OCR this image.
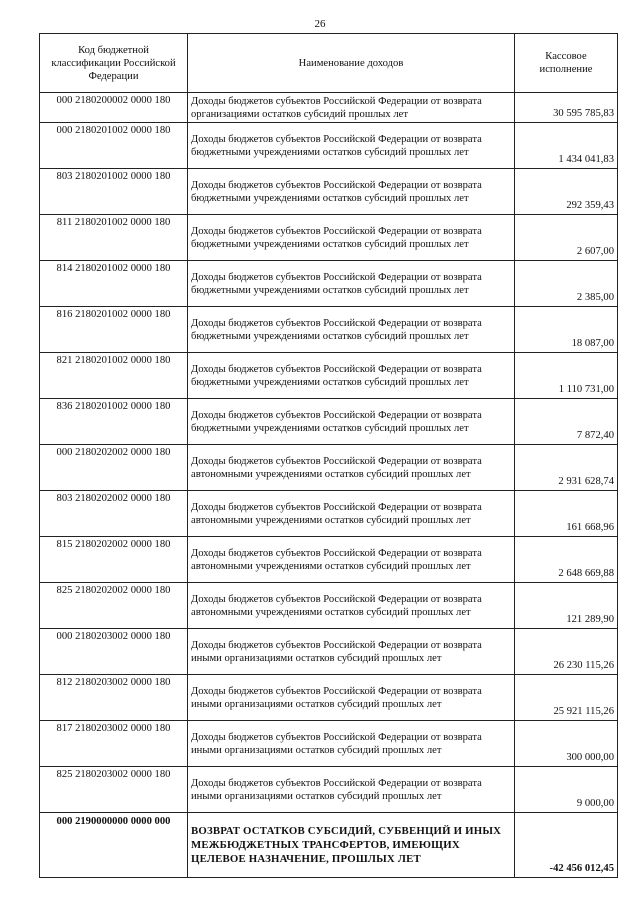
26
Код бюджетной классификации Российской Федерации	Наименование доходов	Кассовое исполнение

000 2180200002 0000 180	Доходы бюджетов субъектов Российской Федерации от возврата организациями остатков субсидий прошлых лет	30 595 785,83
000 2180201002 0000 180	Доходы бюджетов субъектов Российской Федерации от возврата бюджетными учреждениями остатков субсидий прошлых лет	1 434 041,83
803 2180201002 0000 180	Доходы бюджетов субъектов Российской Федерации от возврата бюджетными учреждениями остатков субсидий прошлых лет	292 359,43
811 2180201002 0000 180	Доходы бюджетов субъектов Российской Федерации от возврата бюджетными учреждениями остатков субсидий прошлых лет	2 607,00
814 2180201002 0000 180	Доходы бюджетов субъектов Российской Федерации от возврата бюджетными учреждениями остатков субсидий прошлых лет	2 385,00
816 2180201002 0000 180	Доходы бюджетов субъектов Российской Федерации от возврата бюджетными учреждениями остатков субсидий прошлых лет	18 087,00
821 2180201002 0000 180	Доходы бюджетов субъектов Российской Федерации от возврата бюджетными учреждениями остатков субсидий прошлых лет	1 110 731,00
836 2180201002 0000 180	Доходы бюджетов субъектов Российской Федерации от возврата бюджетными учреждениями остатков субсидий прошлых лет	7 872,40
000 2180202002 0000 180	Доходы бюджетов субъектов Российской Федерации от возврата автономными учреждениями остатков субсидий прошлых лет	2 931 628,74
803 2180202002 0000 180	Доходы бюджетов субъектов Российской Федерации от возврата автономными учреждениями остатков субсидий прошлых лет	161 668,96
815 2180202002 0000 180	Доходы бюджетов субъектов Российской Федерации от возврата автономными учреждениями остатков субсидий прошлых лет	2 648 669,88
825 2180202002 0000 180	Доходы бюджетов субъектов Российской Федерации от возврата автономными учреждениями остатков субсидий прошлых лет	121 289,90
000 2180203002 0000 180	Доходы бюджетов субъектов Российской Федерации от возврата иными организациями остатков субсидий прошлых лет	26 230 115,26
812 2180203002 0000 180	Доходы бюджетов субъектов Российской Федерации от возврата иными организациями остатков субсидий прошлых лет	25 921 115,26
817 2180203002 0000 180	Доходы бюджетов субъектов Российской Федерации от возврата иными организациями остатков субсидий прошлых лет	300 000,00
825 2180203002 0000 180	Доходы бюджетов субъектов Российской Федерации от возврата иными организациями остатков субсидий прошлых лет	9 000,00
000 2190000000 0000 000	ВОЗВРАТ ОСТАТКОВ СУБСИДИЙ, СУБВЕНЦИЙ И ИНЫХ МЕЖБЮДЖЕТНЫХ ТРАНСФЕРТОВ, ИМЕЮЩИХ ЦЕЛЕВОЕ НАЗНАЧЕНИЕ, ПРОШЛЫХ ЛЕТ	-42 456 012,45
